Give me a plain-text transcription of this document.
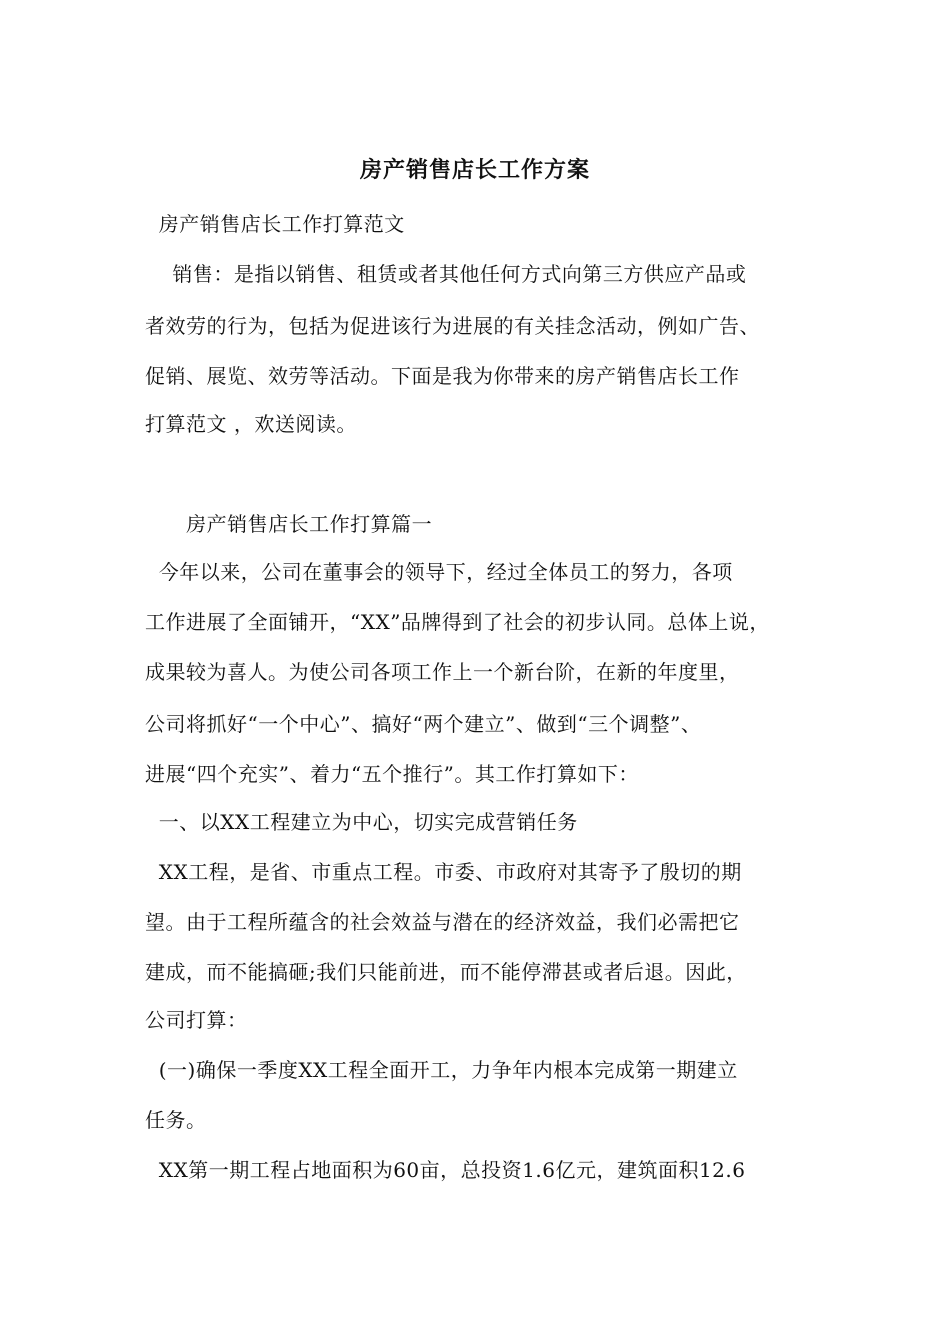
房产销售店长工作方案

房产销售店长工作打算范文

销售：是指以销售、租赁或者其他任何方式向第三方供应产品或

者效劳的行为，包括为促进该行为进展的有关挂念活动，例如广告、

促销、展览、效劳等活动。下面是我为你带来的房产销售店长工作

打算范文 ，欢送阅读。

房产销售店长工作打算篇一

今年以来，公司在董事会的领导下，经过全体员工的努力，各项

工作进展了全面铺开，“XX”品牌得到了社会的初步认同。总体上说，

成果较为喜人。为使公司各项工作上一个新台阶，在新的年度里，

公司将抓好“一个中心”、搞好“两个建立”、做到“三个调整”、

进展“四个充实”、着力“五个推行”。其工作打算如下：

一、以XX工程建立为中心，切实完成营销任务

XX工程，是省、市重点工程。市委、市政府对其寄予了殷切的期

望。由于工程所蕴含的社会效益与潜在的经济效益，我们必需把它

建成，而不能搞砸;我们只能前进，而不能停滞甚或者后退。因此，

公司打算：

(一)确保一季度XX工程全面开工，力争年内根本完成第一期建立

任务。

XX第一期工程占地面积为60亩，总投资1.6亿元，建筑面积12.6
